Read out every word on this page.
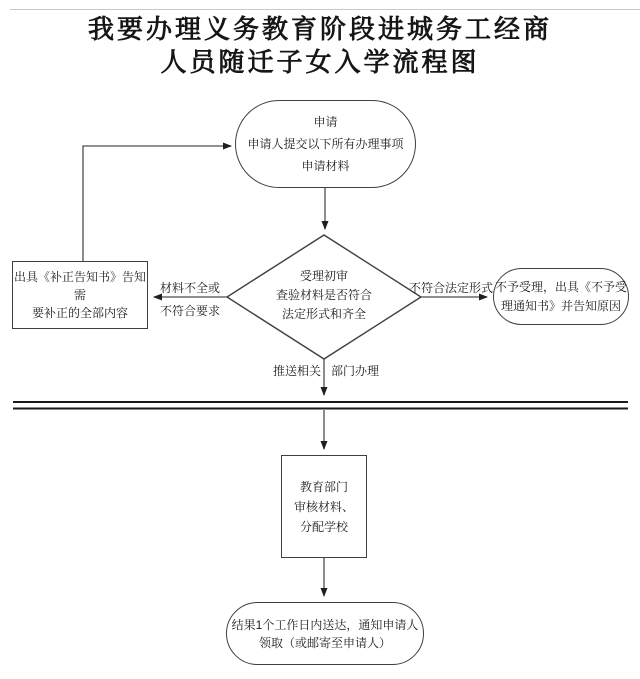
我要办理义务教育阶段进城务工经商
人员随迁子女入学流程图
申请
申请人提交以下所有办理事项
申请材料
受理初审
查验材料是否符合
法定形式和齐全
出具《补正告知书》告知需
要补正的全部内容
不予受理，出具《不予受
理通知书》并告知原因
教育部门
审核材料、
分配学校
结果1个工作日内送达，通知申请人
领取（或邮寄至申请人）
材料不全或
不符合要求
不符合法定形式
推送相关 部门办理
